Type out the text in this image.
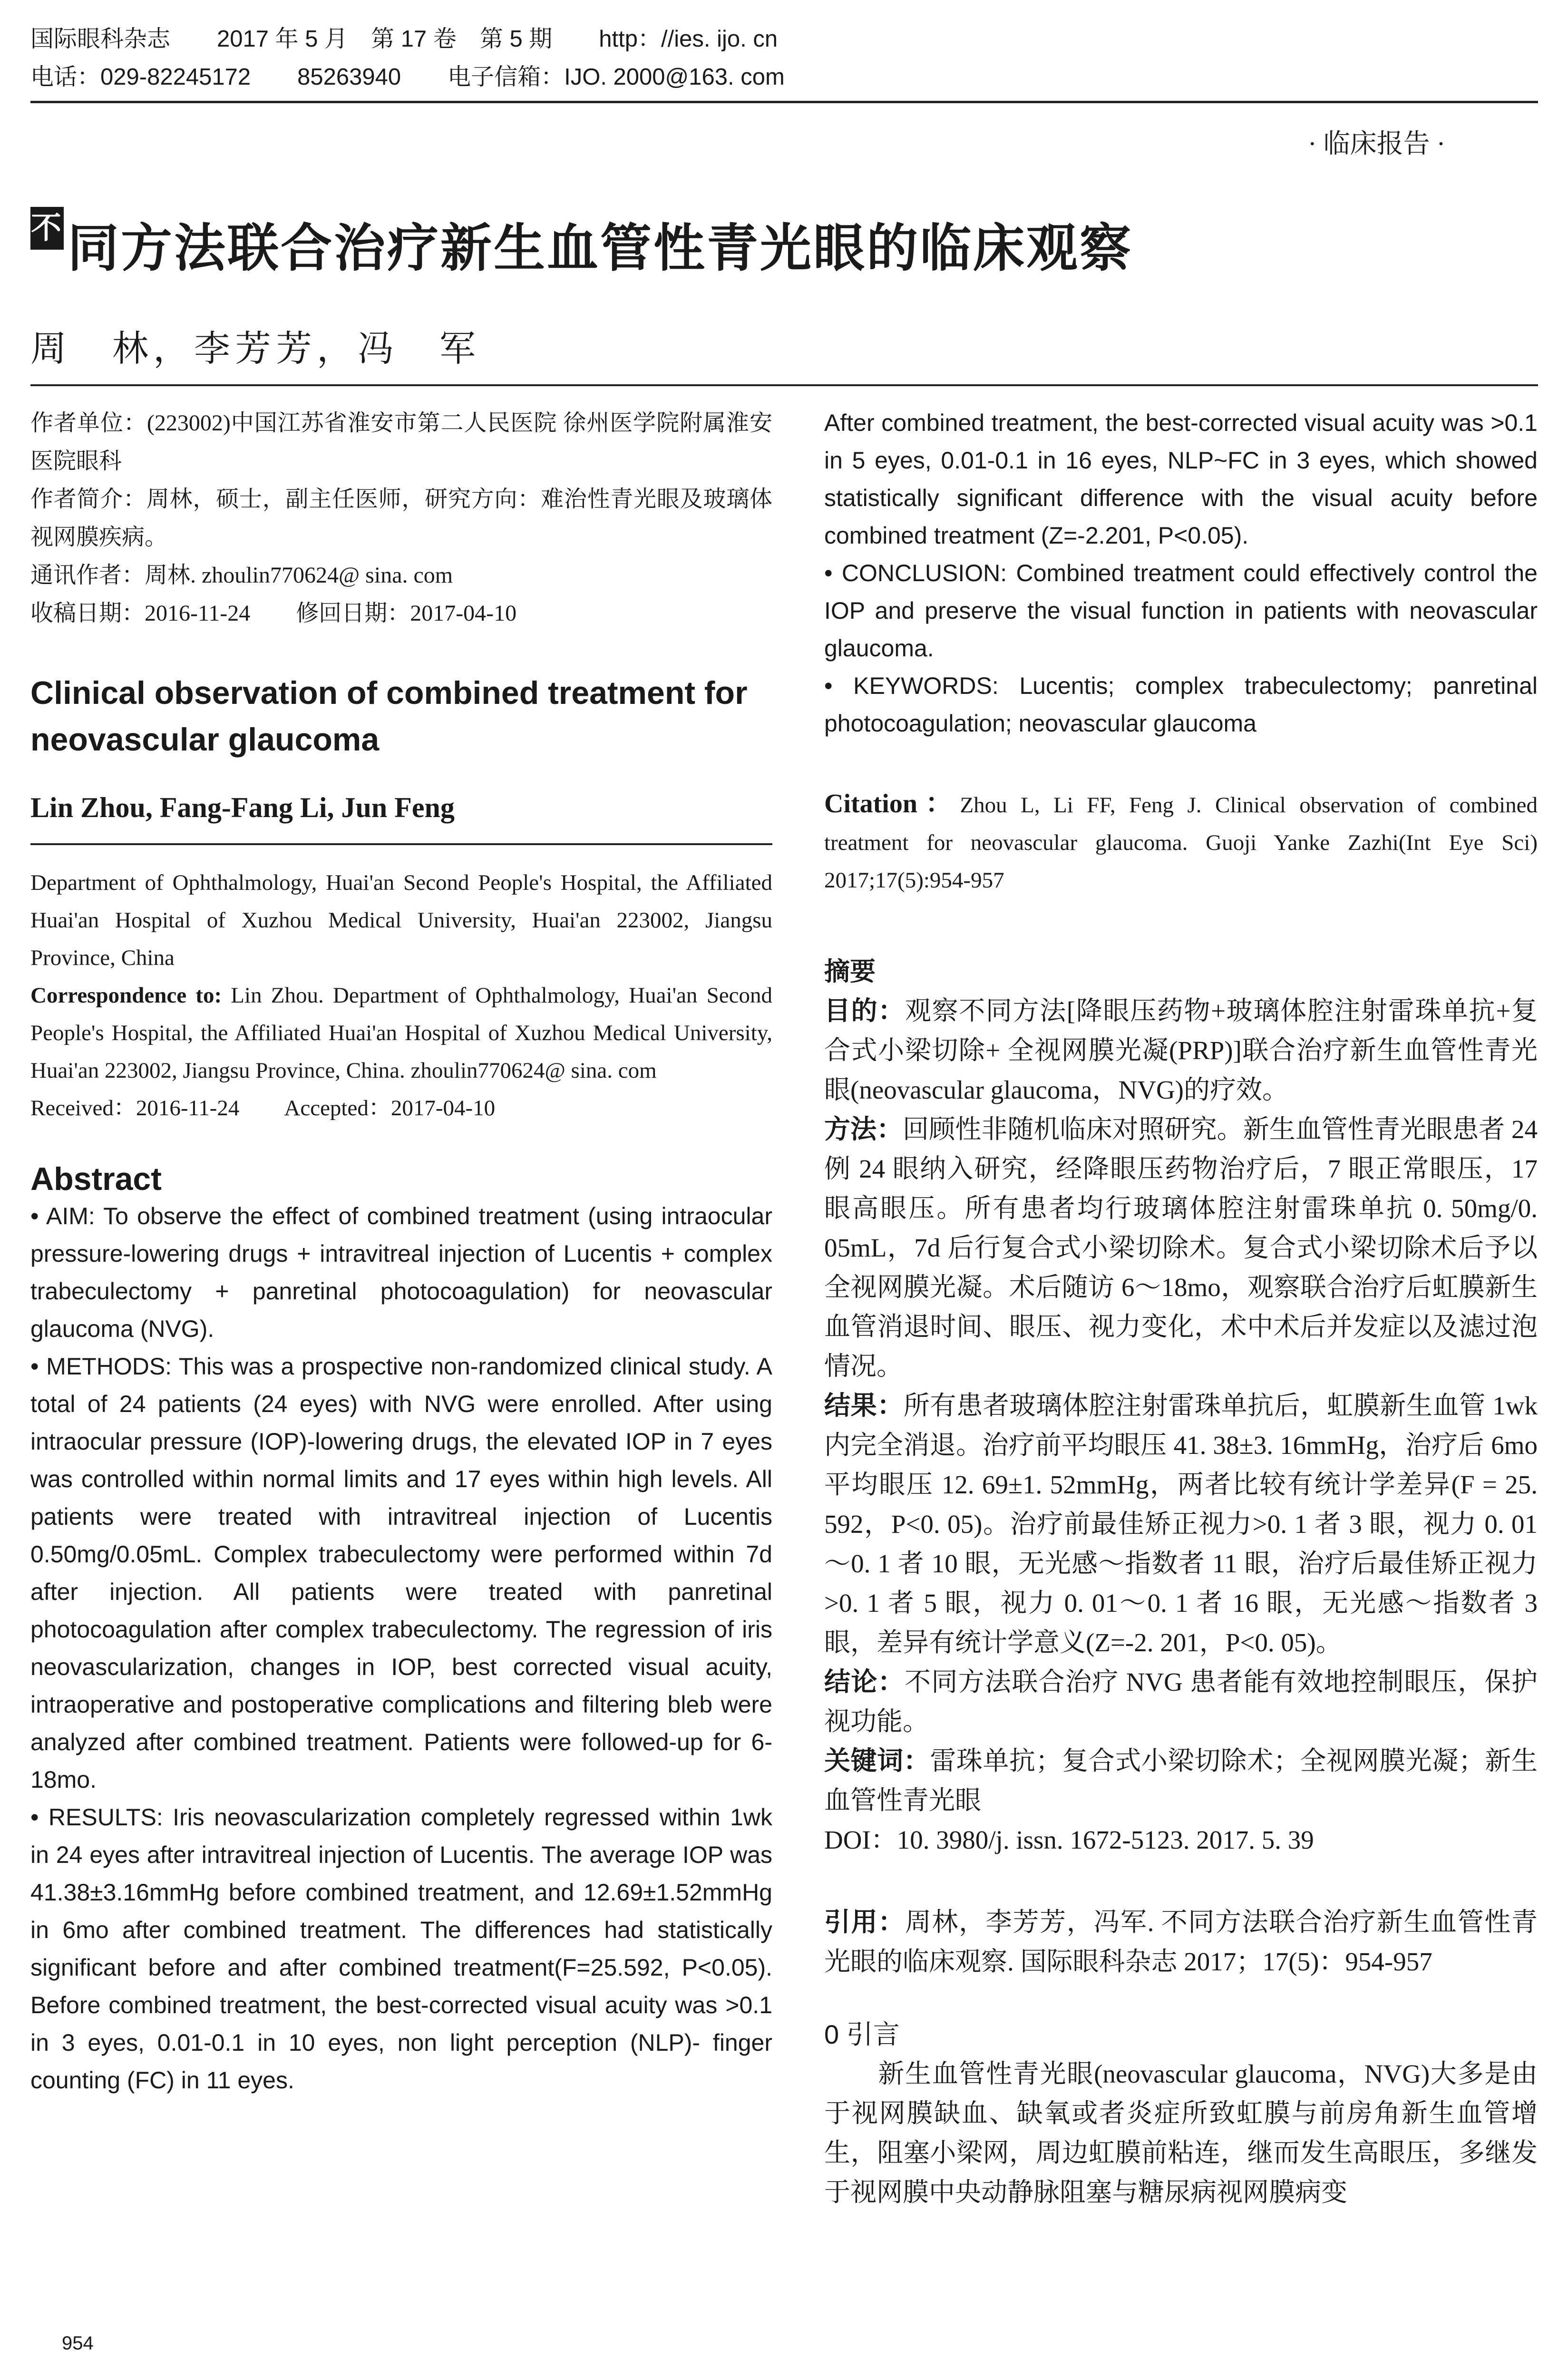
国际眼科杂志　　2017 年 5 月　第 17 卷　第 5 期　　http：//ies. ijo. cn
电话：029-82245172　　85263940　　电子信箱：IJO. 2000@163. com
· 临床报告 ·
不同方法联合治疗新生血管性青光眼的临床观察
周　林，李芳芳，冯　军

作者单位：(223002)中国江苏省淮安市第二人民医院 徐州医学院附属淮安医院眼科

作者简介：周林，硕士，副主任医师，研究方向：难治性青光眼及玻璃体视网膜疾病。

通讯作者：周林. zhoulin770624@ sina. com

收稿日期：2016-11-24　　修回日期：2017-04-10

Clinical observation of combined treatment for neovascular glaucoma

Lin Zhou, Fang-Fang Li, Jun Feng

Department of Ophthalmology, Huai'an Second People's Hospital, the Affiliated Huai'an Hospital of Xuzhou Medical University, Huai'an 223002, Jiangsu Province, China

Correspondence to: Lin Zhou. Department of Ophthalmology, Huai'an Second People's Hospital, the Affiliated Huai'an Hospital of Xuzhou Medical University, Huai'an 223002, Jiangsu Province, China. zhoulin770624@ sina. com

Received：2016-11-24　　Accepted：2017-04-10

Abstract

• AIM: To observe the effect of combined treatment (using intraocular pressure-lowering drugs + intravitreal injection of Lucentis + complex trabeculectomy + panretinal photocoagulation) for neovascular glaucoma (NVG).

• METHODS: This was a prospective non-randomized clinical study. A total of 24 patients (24 eyes) with NVG were enrolled. After using intraocular pressure (IOP)-lowering drugs, the elevated IOP in 7 eyes was controlled within normal limits and 17 eyes within high levels. All patients were treated with intravitreal injection of Lucentis 0.50mg/0.05mL. Complex trabeculectomy were performed within 7d after injection. All patients were treated with panretinal photocoagulation after complex trabeculectomy. The regression of iris neovascularization, changes in IOP, best corrected visual acuity, intraoperative and postoperative complications and filtering bleb were analyzed after combined treatment. Patients were followed-up for 6-18mo.

• RESULTS: Iris neovascularization completely regressed within 1wk in 24 eyes after intravitreal injection of Lucentis. The average IOP was 41.38±3.16mmHg before combined treatment, and 12.69±1.52mmHg in 6mo after combined treatment. The differences had statistically significant before and after combined treatment(F=25.592, P<0.05). Before combined treatment, the best-corrected visual acuity was >0.1 in 3 eyes, 0.01-0.1 in 10 eyes, non light perception (NLP)- finger counting (FC) in 11 eyes.

After combined treatment, the best-corrected visual acuity was >0.1 in 5 eyes, 0.01-0.1 in 16 eyes, NLP~FC in 3 eyes, which showed statistically significant difference with the visual acuity before combined treatment (Z=-2.201, P<0.05).

• CONCLUSION: Combined treatment could effectively control the IOP and preserve the visual function in patients with neovascular glaucoma.

• KEYWORDS: Lucentis; complex trabeculectomy; panretinal photocoagulation; neovascular glaucoma

Citation：Zhou L, Li FF, Feng J. Clinical observation of combined treatment for neovascular glaucoma. Guoji Yanke Zazhi(Int Eye Sci) 2017;17(5):954-957

摘要

目的：观察不同方法[降眼压药物+玻璃体腔注射雷珠单抗+复合式小梁切除+ 全视网膜光凝(PRP)]联合治疗新生血管性青光眼(neovascular glaucoma，NVG)的疗效。

方法：回顾性非随机临床对照研究。新生血管性青光眼患者 24 例 24 眼纳入研究，经降眼压药物治疗后，7 眼正常眼压，17 眼高眼压。所有患者均行玻璃体腔注射雷珠单抗 0. 50mg/0. 05mL，7d 后行复合式小梁切除术。复合式小梁切除术后予以全视网膜光凝。术后随访 6～18mo，观察联合治疗后虹膜新生血管消退时间、眼压、视力变化，术中术后并发症以及滤过泡情况。

结果：所有患者玻璃体腔注射雷珠单抗后，虹膜新生血管 1wk 内完全消退。治疗前平均眼压 41. 38±3. 16mmHg，治疗后 6mo 平均眼压 12. 69±1. 52mmHg，两者比较有统计学差异(F = 25. 592，P<0. 05)。治疗前最佳矫正视力>0. 1 者 3 眼，视力 0. 01～0. 1 者 10 眼，无光感～指数者 11 眼，治疗后最佳矫正视力>0. 1 者 5 眼，视力 0. 01～0. 1 者 16 眼，无光感～指数者 3 眼，差异有统计学意义(Z=-2. 201，P<0. 05)。

结论：不同方法联合治疗 NVG 患者能有效地控制眼压，保护视功能。

关键词：雷珠单抗；复合式小梁切除术；全视网膜光凝；新生血管性青光眼

DOI：10. 3980/j. issn. 1672-5123. 2017. 5. 39

引用：周林，李芳芳，冯军. 不同方法联合治疗新生血管性青光眼的临床观察. 国际眼科杂志 2017；17(5)：954-957

0 引言

　　新生血管性青光眼(neovascular glaucoma，NVG)大多是由于视网膜缺血、缺氧或者炎症所致虹膜与前房角新生血管增生，阻塞小梁网，周边虹膜前粘连，继而发生高眼压，多继发于视网膜中央动静脉阻塞与糖尿病视网膜病变

954
